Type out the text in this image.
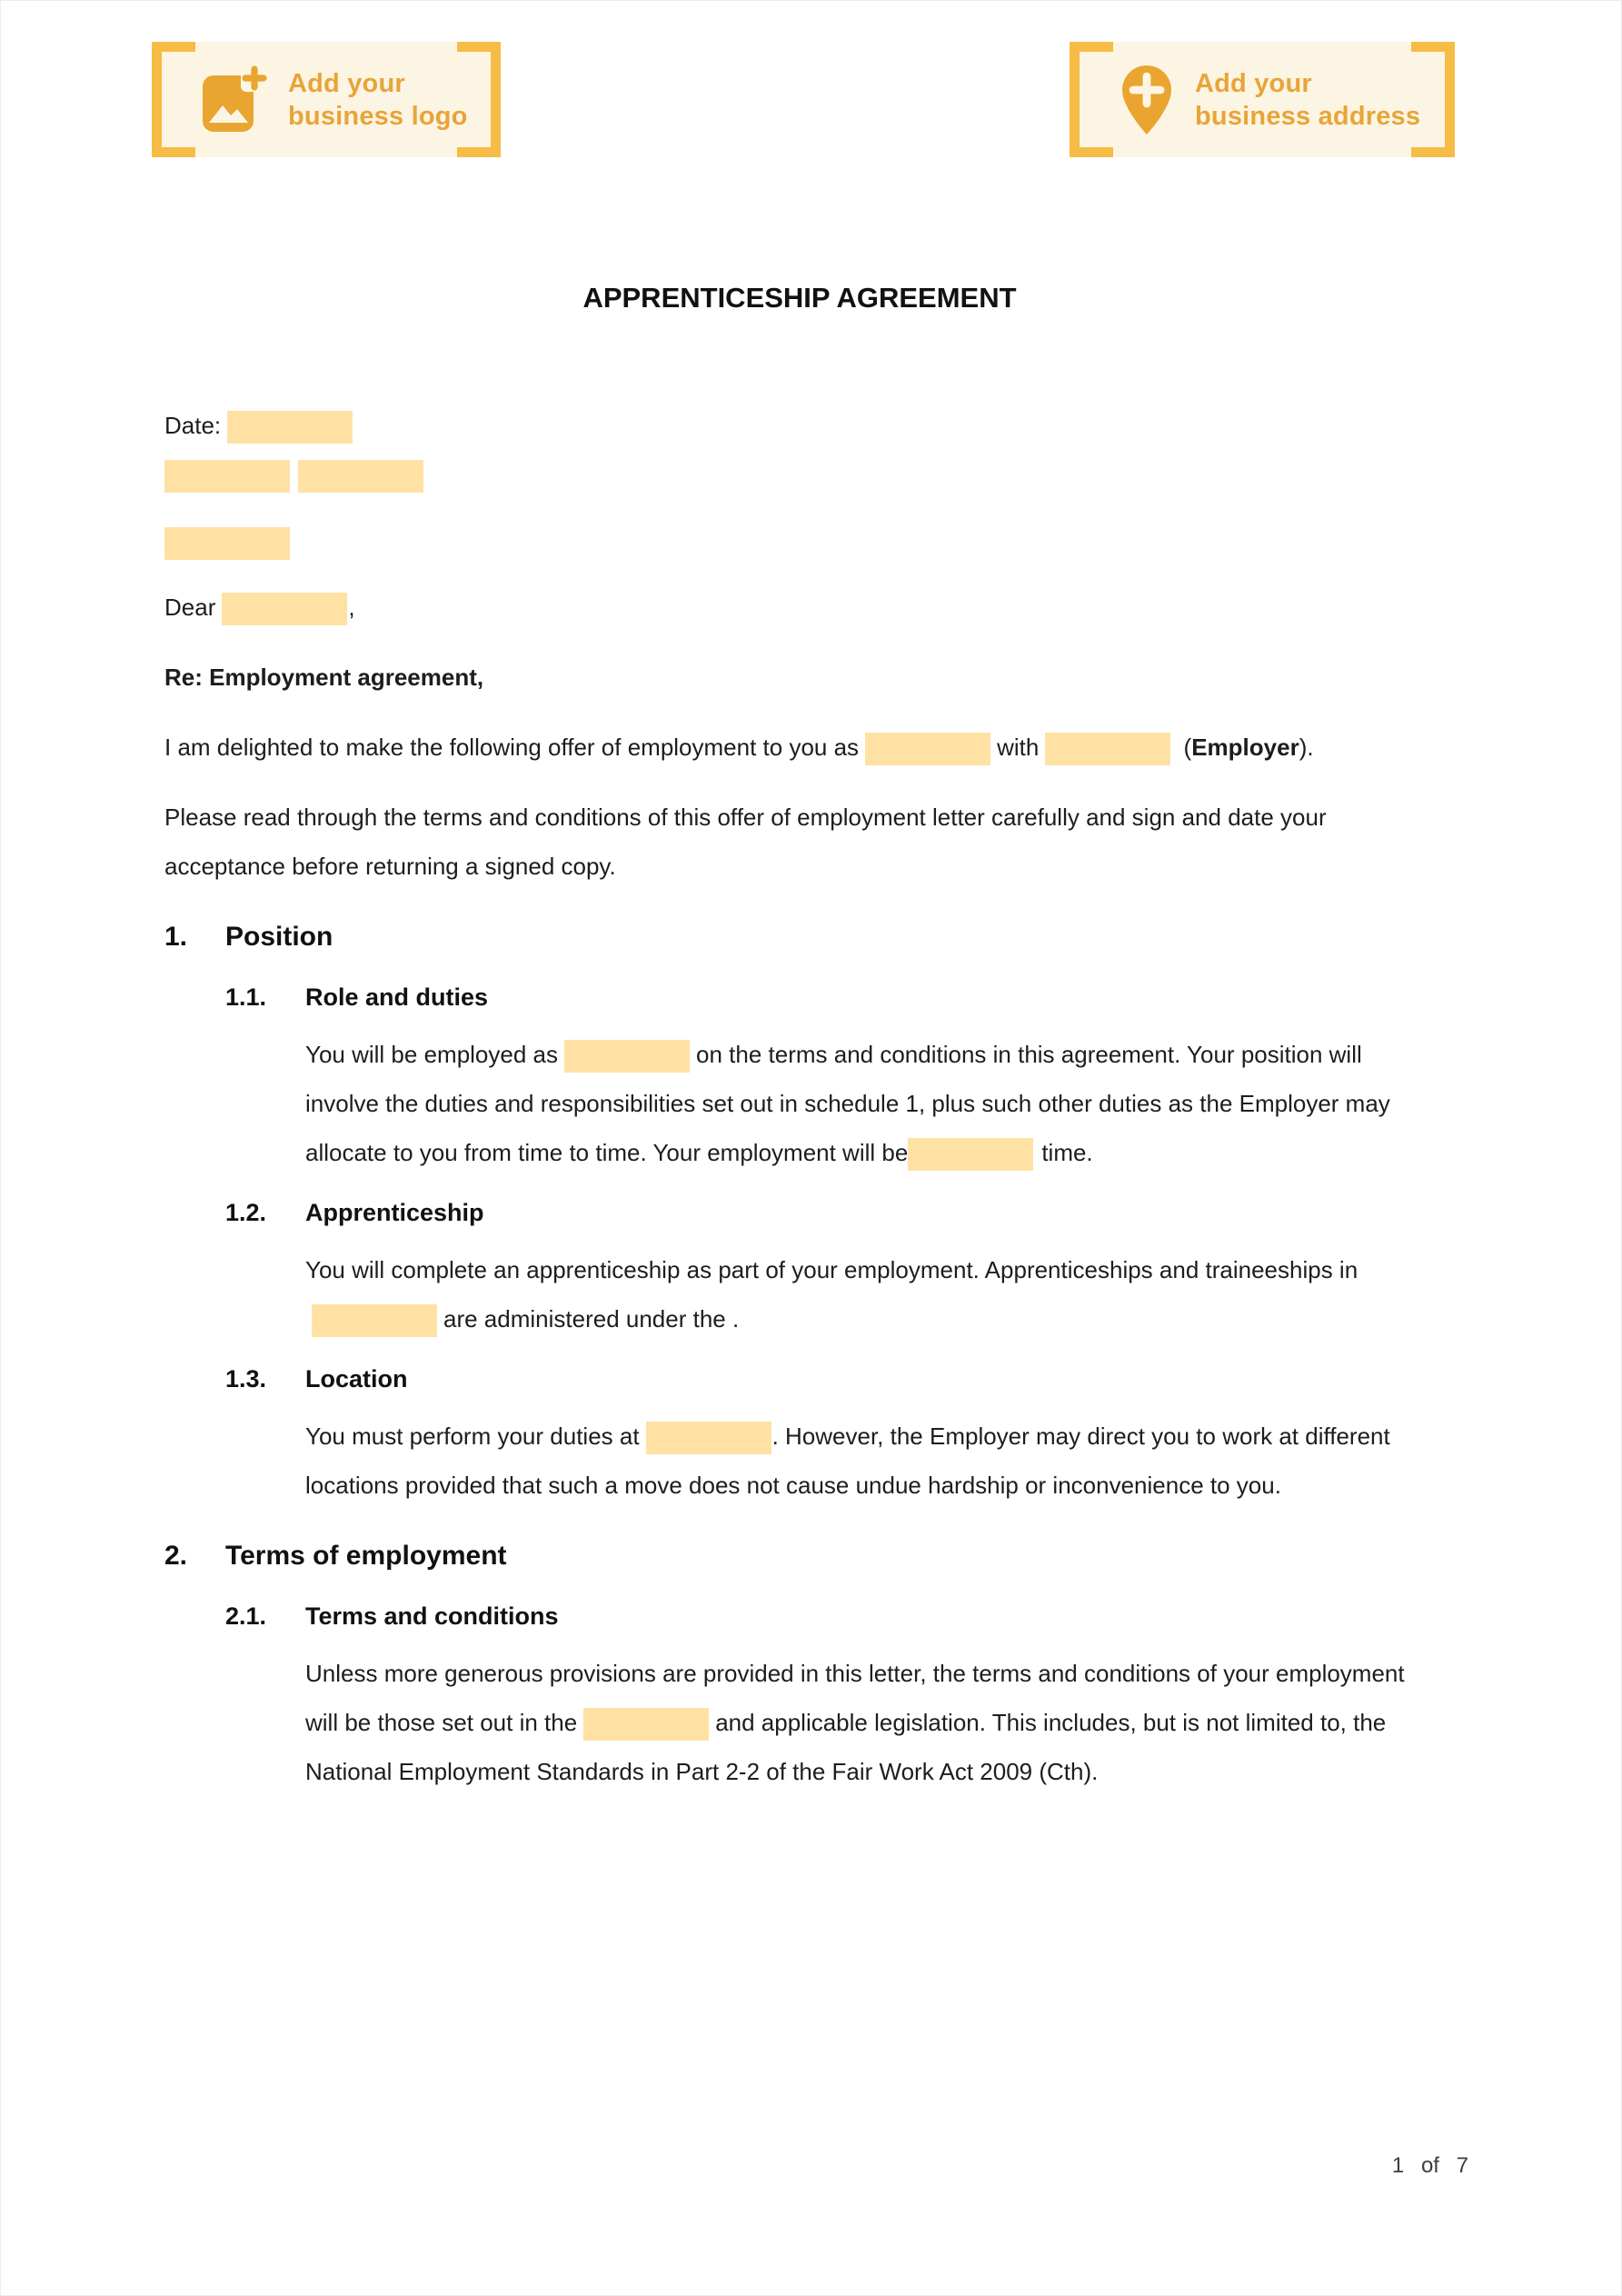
Add your
business logo
Add your
business address
APPRENTICESHIP AGREEMENT
Date:

Dear	,

Re: Employment agreement,

I am delighted to make the following offer of employment to you as	with	(Employer).

Please read through the terms and conditions of this offer of employment letter carefully and sign and date your acceptance before returning a signed copy.

1.	Position
1.1.	Role and duties

You will be employed as	on the terms and conditions in this agreement. Your position will involve the duties and responsibilities set out in schedule 1, plus such other duties as the Employer may allocate to you from time to time. Your employment will be	time.

1.2.	Apprenticeship

You will complete an apprenticeship as part of your employment. Apprenticeships and traineeships inare administered under the .

1.3.	Location

You must perform your duties at	. However, the Employer may direct you to work at different locations provided that such a move does not cause undue hardship or inconvenience to you.

2.	Terms of employment
2.1.	Terms and conditions

Unless more generous provisions are provided in this letter, the terms and conditions of your employment will be those set out in the	and applicable legislation. This includes, but is not limited to, the National Employment Standards in Part 2-2 of the Fair Work Act 2009 (Cth).

1 of 7
